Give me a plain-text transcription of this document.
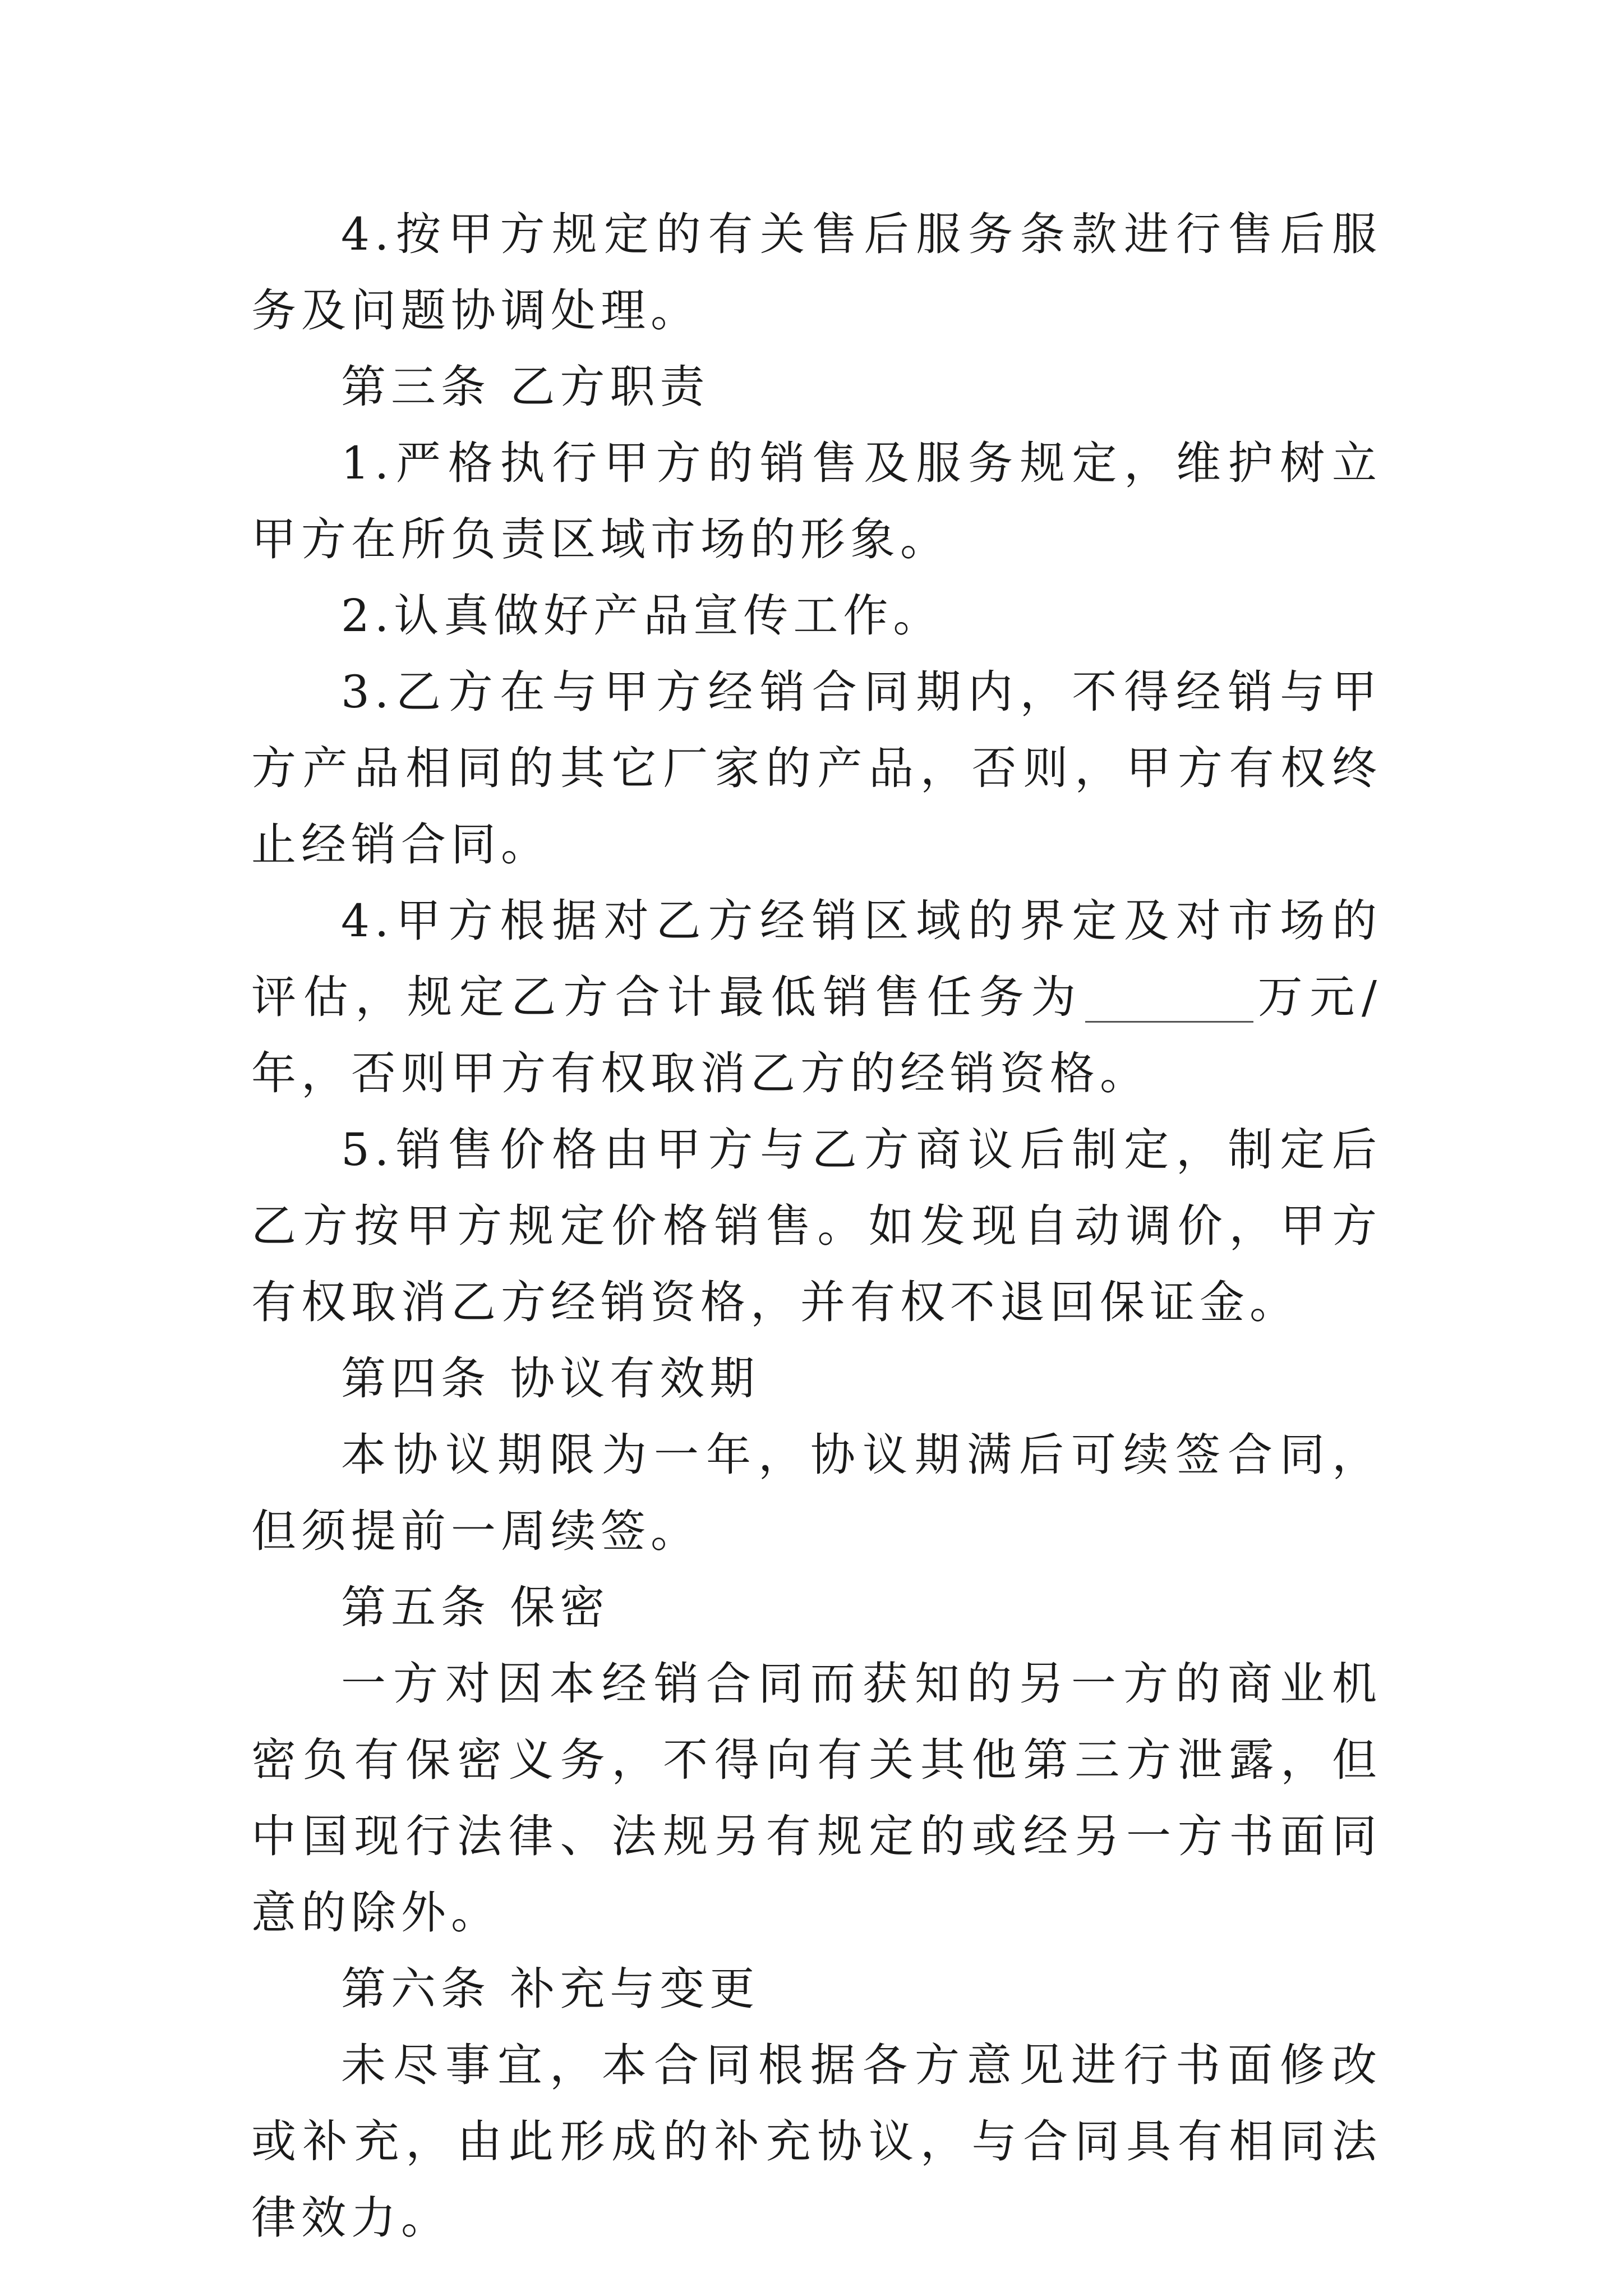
4.按甲方规定的有关售后服务条款进行售后服务及问题协调处理。

第三条 乙方职责

1.严格执行甲方的销售及服务规定，维护树立甲方在所负责区域市场的形象。

2.认真做好产品宣传工作。

3.乙方在与甲方经销合同期内，不得经销与甲方产品相同的其它厂家的产品，否则，甲方有权终止经销合同。

4.甲方根据对乙方经销区域的界定及对市场的评估，规定乙方合计最低销售任务为	万元/年，否则甲方有权取消乙方的经销资格。

5.销售价格由甲方与乙方商议后制定，制定后乙方按甲方规定价格销售。如发现自动调价，甲方有权取消乙方经销资格，并有权不退回保证金。

第四条 协议有效期

本协议期限为一年，协议期满后可续签合同，但须提前一周续签。

第五条 保密

一方对因本经销合同而获知的另一方的商业机密负有保密义务，不得向有关其他第三方泄露，但中国现行法律、法规另有规定的或经另一方书面同意的除外。

第六条 补充与变更

未尽事宜，本合同根据各方意见进行书面修改或补充，由此形成的补充协议，与合同具有相同法律效力。
